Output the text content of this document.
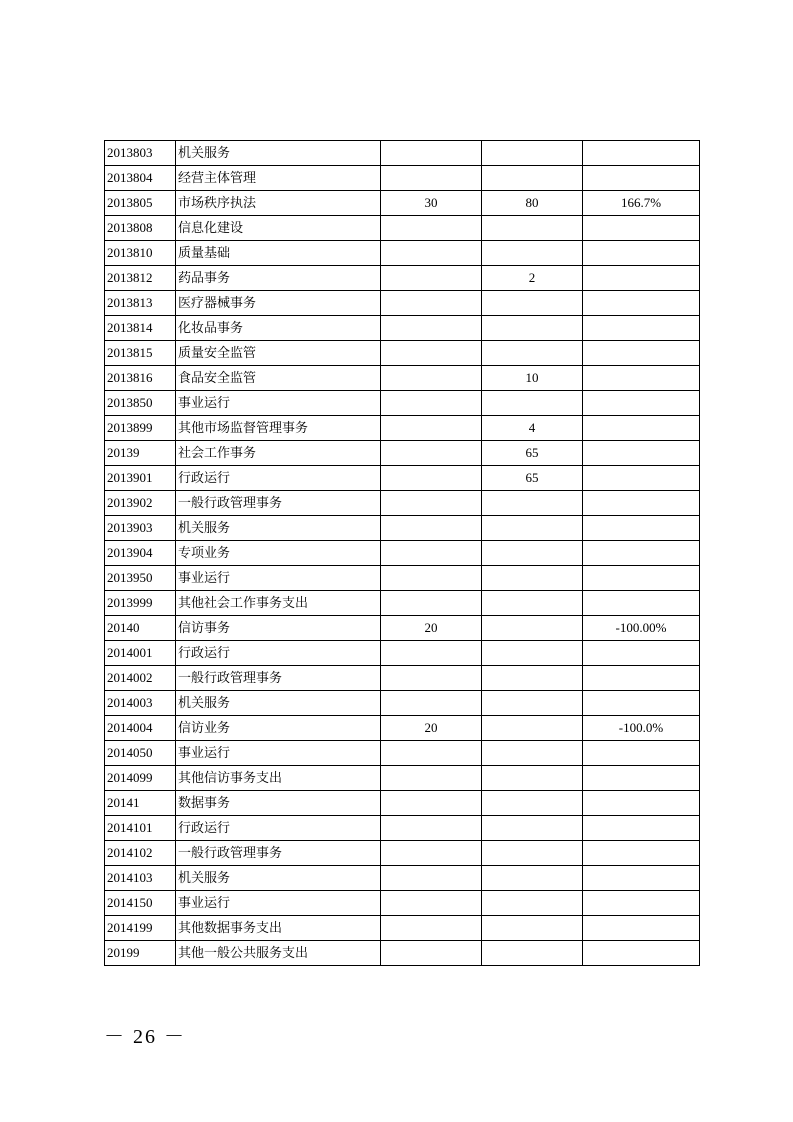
2013803	机关服务			
2013804	经营主体管理			
2013805	市场秩序执法	30	80	166.7%
2013808	信息化建设			
2013810	质量基础			
2013812	药品事务		2	
2013813	医疗器械事务			
2013814	化妆品事务			
2013815	质量安全监管			
2013816	食品安全监管		10	
2013850	事业运行			
2013899	其他市场监督管理事务		4	
20139	社会工作事务		65	
2013901	行政运行		65	
2013902	一般行政管理事务			
2013903	机关服务			
2013904	专项业务			
2013950	事业运行			
2013999	其他社会工作事务支出			
20140	信访事务	20		-100.00%
2014001	行政运行			
2014002	一般行政管理事务			
2014003	机关服务			
2014004	信访业务	20		-100.0%
2014050	事业运行			
2014099	其他信访事务支出			
20141	数据事务			
2014101	行政运行			
2014102	一般行政管理事务			
2014103	机关服务			
2014150	事业运行			
2014199	其他数据事务支出			
20199	其他一般公共服务支出			
－ 26 －
